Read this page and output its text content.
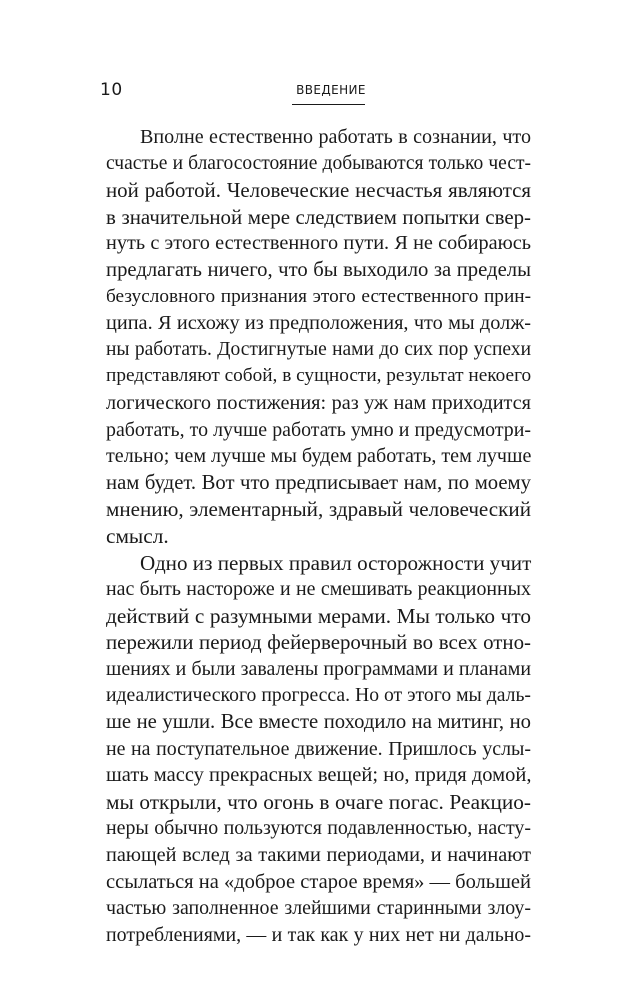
10	ВВЕДЕНИЕ
Вполне естественно работать в сознании, что
счастье и благосостояние добываются только чест-
ной работой. Человеческие несчастья являются
в значительной мере следствием попытки свер-
нуть с этого естественного пути. Я не собираюсь
предлагать ничего, что бы выходило за пределы
безусловного признания этого естественного прин-
ципа. Я исхожу из предположения, что мы долж-
ны работать. Достигнутые нами до сих пор успехи
представляют собой, в сущности, результат некоего
логического постижения: раз уж нам приходится
работать, то лучше работать умно и предусмотри-
тельно; чем лучше мы будем работать, тем лучше
нам будет. Вот что предписывает нам, по моему
мнению, элементарный, здравый человеческий
смысл.
Одно из первых правил осторожности учит
нас быть настороже и не смешивать реакционных
действий с разумными мерами. Мы только что
пережили период фейерверочный во всех отно-
шениях и были завалены программами и планами
идеалистического прогресса. Но от этого мы даль-
ше не ушли. Все вместе походило на митинг, но
не на поступательное движение. Пришлось услы-
шать массу прекрасных вещей; но, придя домой,
мы открыли, что огонь в очаге погас. Реакцио-
неры обычно пользуются подавленностью, насту-
пающей вслед за такими периодами, и начинают
ссылаться на «доброе старое время» — большей
частью заполненное злейшими старинными злоу-
потреблениями, — и так как у них нет ни дально-
